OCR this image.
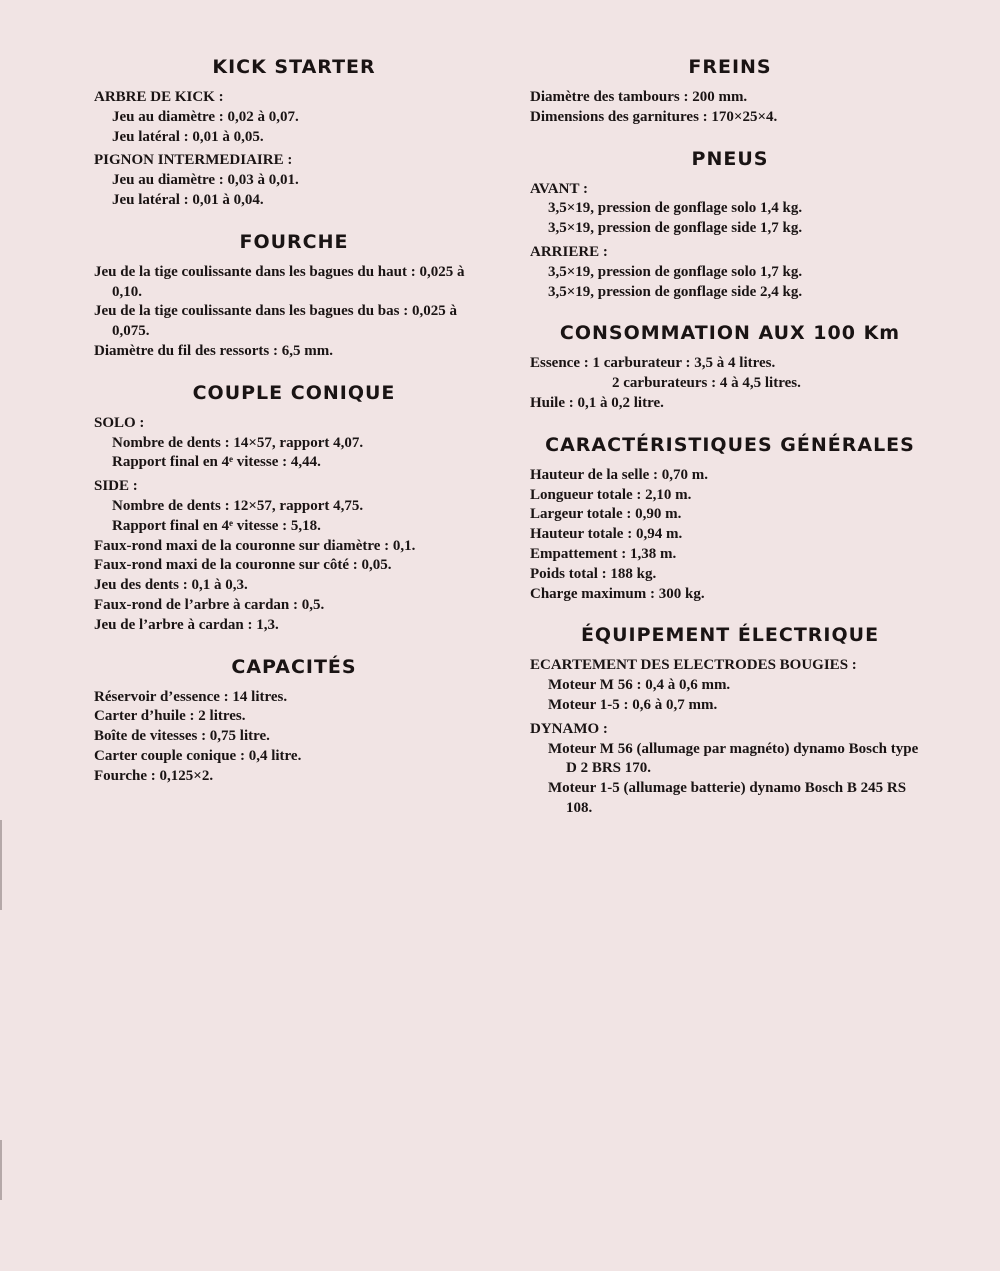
KICK STARTER
ARBRE DE KICK :
Jeu au diamètre : 0,02 à 0,07.
Jeu latéral : 0,01 à 0,05.
PIGNON INTERMEDIAIRE :
Jeu au diamètre : 0,03 à 0,01.
Jeu latéral : 0,01 à 0,04.
FOURCHE
Jeu de la tige coulissante dans les bagues du haut : 0,025 à 0,10.
Jeu de la tige coulissante dans les bagues du bas : 0,025 à 0,075.
Diamètre du fil des ressorts : 6,5 mm.
COUPLE CONIQUE
SOLO :
Nombre de dents : 14×57, rapport 4,07.
Rapport final en 4ᵉ vitesse : 4,44.
SIDE :
Nombre de dents : 12×57, rapport 4,75.
Rapport final en 4ᵉ vitesse : 5,18.
Faux-rond maxi de la couronne sur diamètre : 0,1.
Faux-rond maxi de la couronne sur côté : 0,05.
Jeu des dents : 0,1 à 0,3.
Faux-rond de l’arbre à cardan : 0,5.
Jeu de l’arbre à cardan : 1,3.
CAPACITÉS
Réservoir d’essence : 14 litres.
Carter d’huile : 2 litres.
Boîte de vitesses : 0,75 litre.
Carter couple conique : 0,4 litre.
Fourche : 0,125×2.
FREINS
Diamètre des tambours : 200 mm.
Dimensions des garnitures : 170×25×4.
PNEUS
AVANT :
3,5×19, pression de gonflage solo 1,4 kg.
3,5×19, pression de gonflage side 1,7 kg.
ARRIERE :
3,5×19, pression de gonflage solo 1,7 kg.
3,5×19, pression de gonflage side 2,4 kg.
CONSOMMATION AUX 100 Km
Essence : 1 carburateur : 3,5 à 4 litres.
2 carburateurs : 4 à 4,5 litres.
Huile : 0,1 à 0,2 litre.
CARACTÉRISTIQUES GÉNÉRALES
Hauteur de la selle : 0,70 m.
Longueur totale : 2,10 m.
Largeur totale : 0,90 m.
Hauteur totale : 0,94 m.
Empattement : 1,38 m.
Poids total : 188 kg.
Charge maximum : 300 kg.
ÉQUIPEMENT ÉLECTRIQUE
ECARTEMENT DES ELECTRODES BOUGIES :
Moteur M 56 : 0,4 à 0,6 mm.
Moteur 1-5 : 0,6 à 0,7 mm.
DYNAMO :
Moteur M 56 (allumage par magnéto) dynamo Bosch type D 2 BRS 170.
Moteur 1-5 (allumage batterie) dynamo Bosch B 245 RS 108.
